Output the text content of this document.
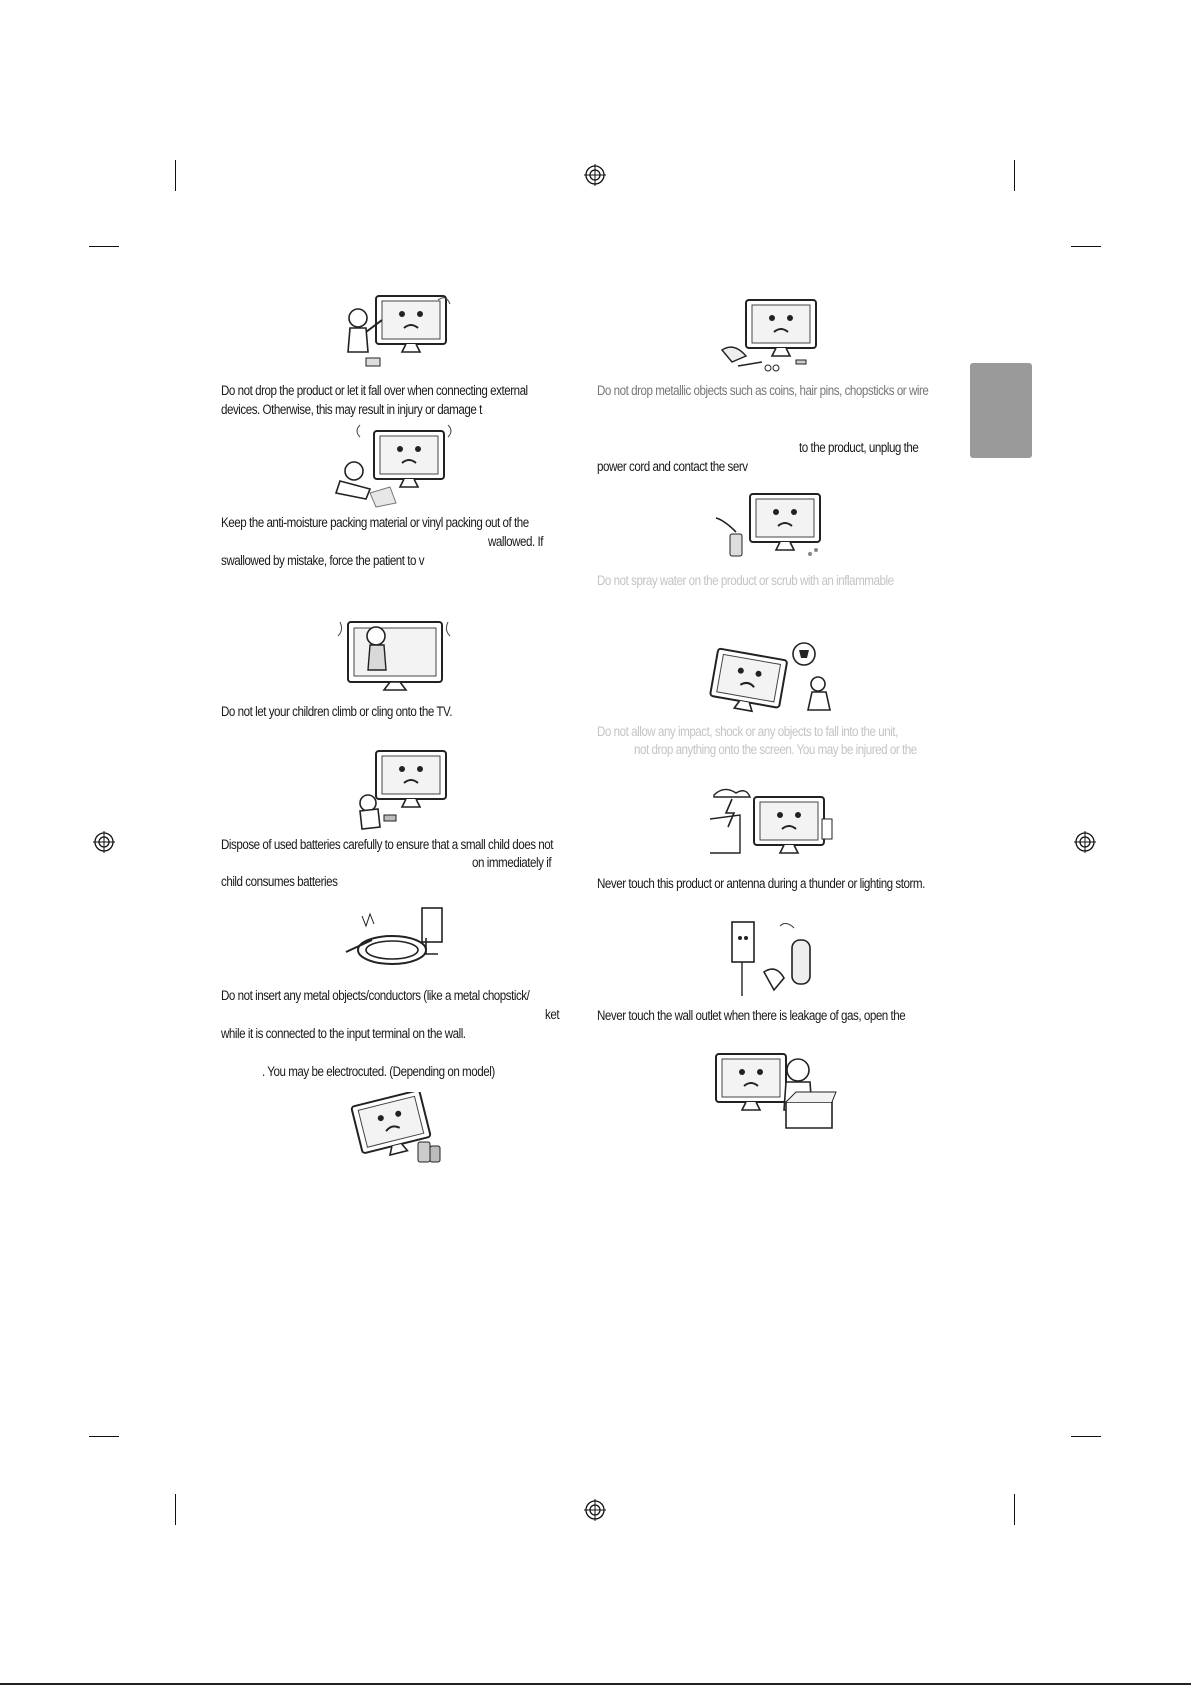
Do not drop the product or let it fall over when connecting external
devices. Otherwise, this may result in injury or damage t
Keep the anti-moisture packing material or vinyl packing out of the
wallowed. If
swallowed by mistake, force the patient to v
Do not let your children climb or cling onto the TV.
Dispose of used batteries carefully to ensure that a small child does not
on immediately if
child consumes batteries
Do not insert any metal objects/conductors (like a metal chopstick/
ket
while it is connected to the input terminal on the wall.
. You may be electrocuted. (Depending on model)
Do not drop metallic objects such as coins, hair pins, chopsticks or wire
to the product, unplug the
power cord and contact the serv
Do not spray water on the product or scrub with an inflammable
Do not allow any impact, shock or any objects to fall into the unit,
not drop anything onto the screen. You may be injured or the
Never touch this product or antenna during a thunder or lighting storm.
Never touch the wall outlet when there is leakage of gas, open the
